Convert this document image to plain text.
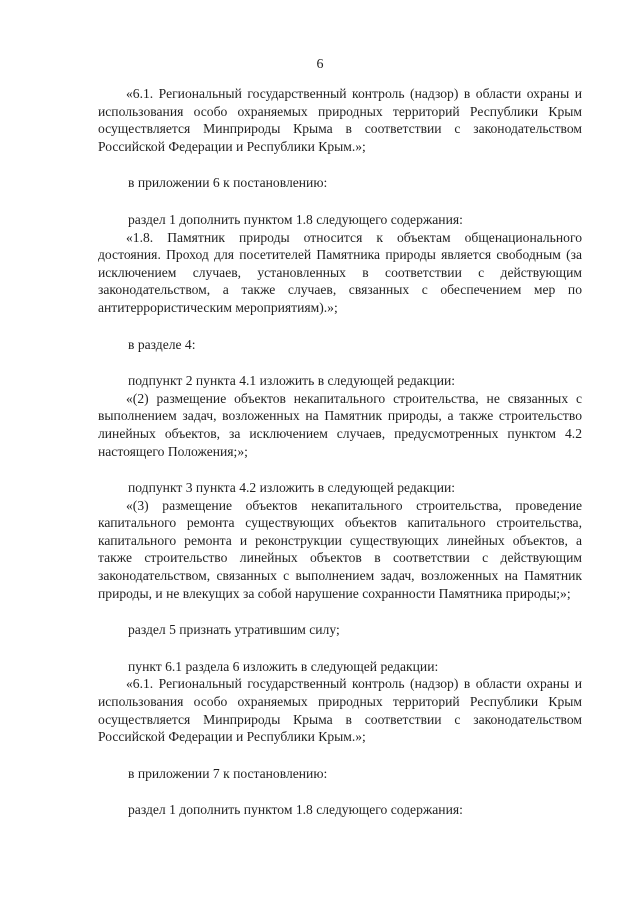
6

«6.1. Региональный государственный контроль (надзор) в области охраны и использования особо охраняемых природных территорий Республики Крым осуществляется Минприроды Крыма в соответствии с законодательством Российской Федерации и Республики Крым.»;

в приложении 6 к постановлению:

раздел 1 дополнить пунктом 1.8 следующего содержания:

«1.8. Памятник природы относится к объектам общенационального достояния. Проход для посетителей Памятника природы является свободным (за исключением случаев, установленных в соответствии с действующим законодательством, а также случаев, связанных с обеспечением мер по антитеррористическим мероприятиям).»;

в разделе 4:

подпункт 2 пункта 4.1 изложить в следующей редакции:

«(2) размещение объектов некапитального строительства, не связанных с выполнением задач, возложенных на Памятник природы, а также строительство линейных объектов, за исключением случаев, предусмотренных пунктом 4.2 настоящего Положения;»;

подпункт 3 пункта 4.2 изложить в следующей редакции:

«(3) размещение объектов некапитального строительства, проведение капитального ремонта существующих объектов капитального строительства, капитального ремонта и реконструкции существующих линейных объектов, а также строительство линейных объектов в соответствии с действующим законодательством, связанных с выполнением задач, возложенных на Памятник природы, и не влекущих за собой нарушение сохранности Памятника природы;»;

раздел 5 признать утратившим силу;

пункт 6.1 раздела 6 изложить в следующей редакции:

«6.1. Региональный государственный контроль (надзор) в области охраны и использования особо охраняемых природных территорий Республики Крым осуществляется Минприроды Крыма в соответствии с законодательством Российской Федерации и Республики Крым.»;

в приложении 7 к постановлению:

раздел 1 дополнить пунктом 1.8 следующего содержания:
